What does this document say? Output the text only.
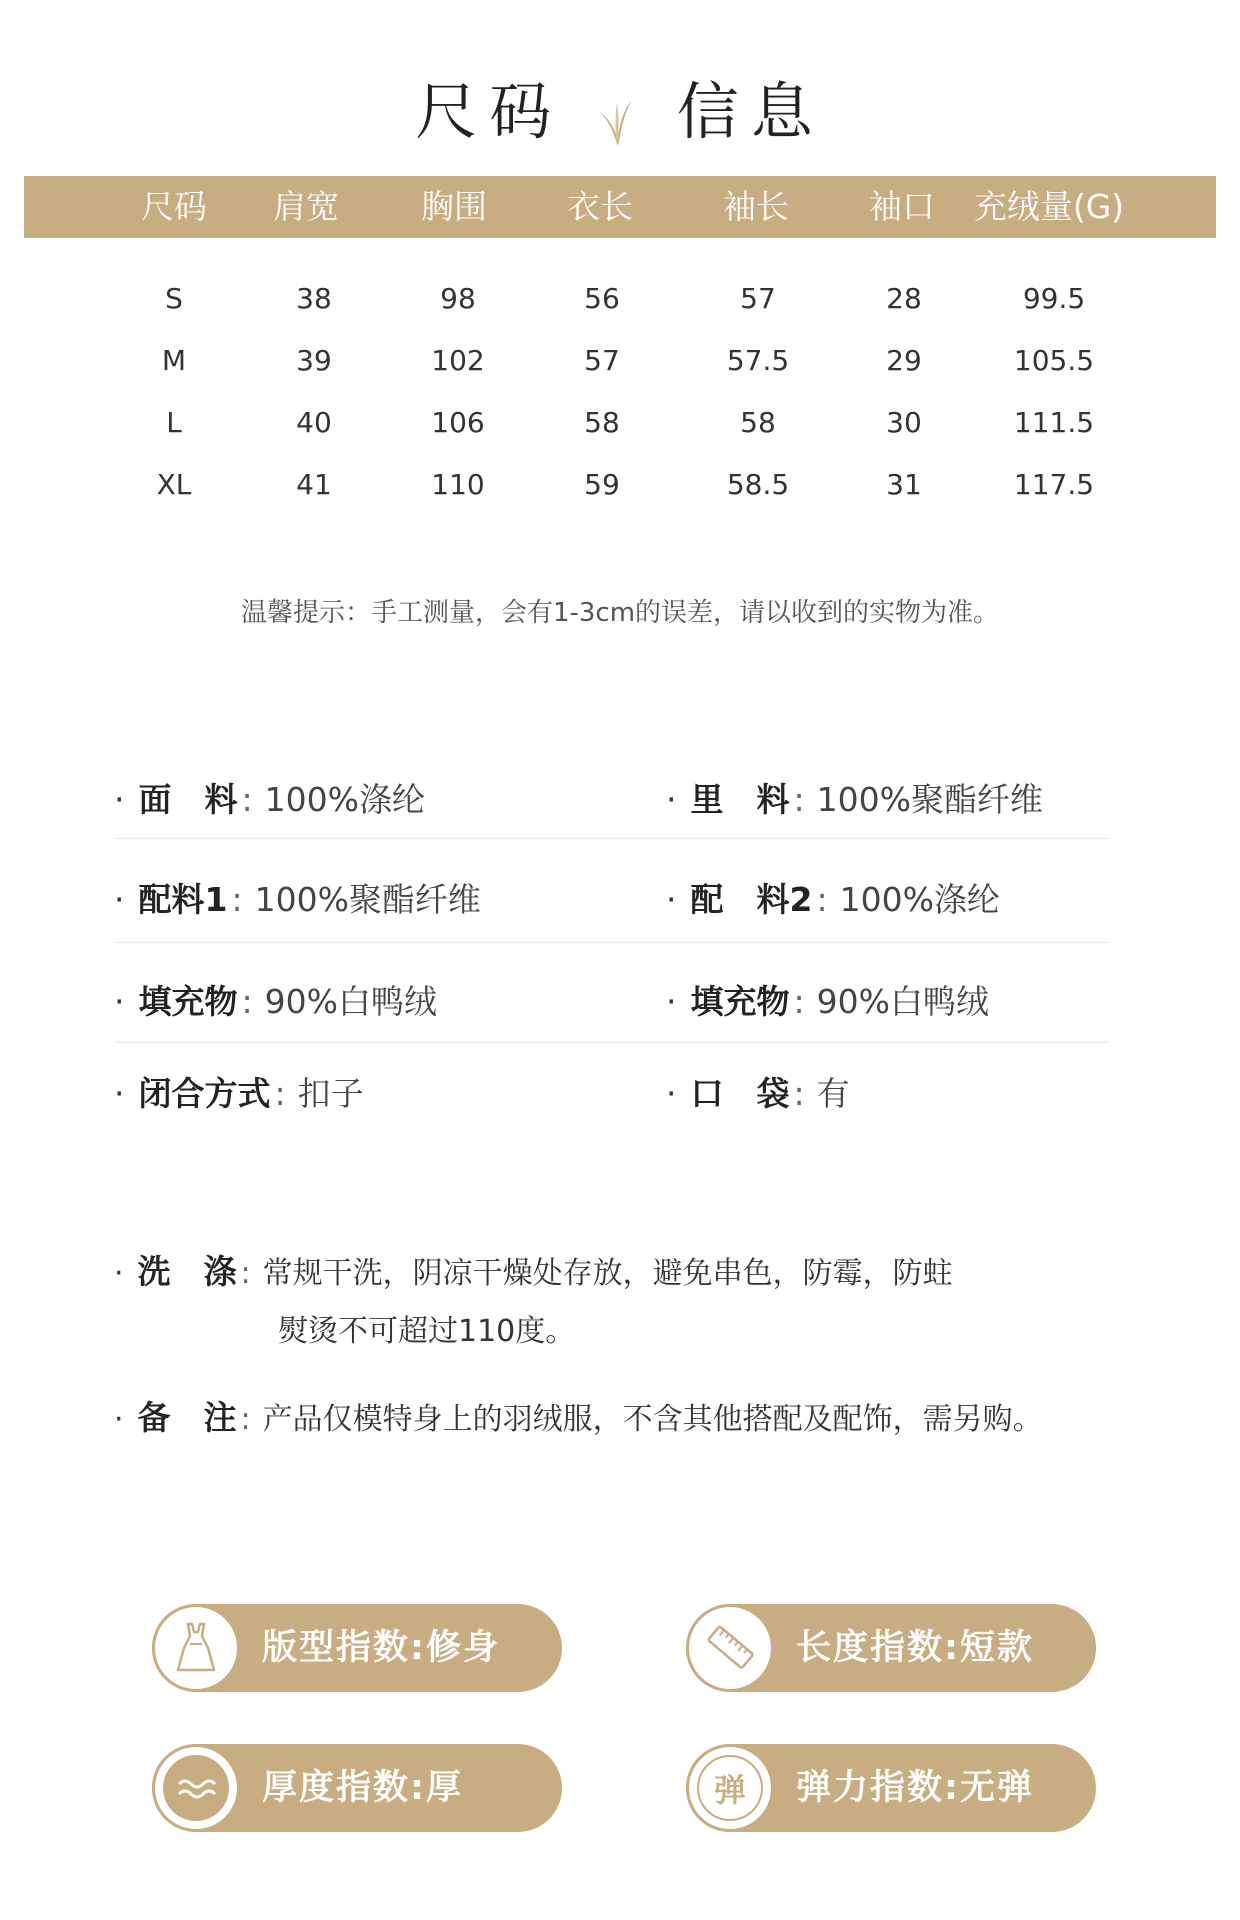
尺码 信息
尺码 肩宽 胸围 衣长	袖长 袖口 充绒量(G)
S	38	98	56	57	28	99.5
M	39	102	57	57.5	29	105.5
L	40	106	58	58	30	111.5
XL	41	110	59	58.5	31	117.5
温馨提示：手工测量，会有1-3cm的误差，请以收到的实物为准。
· 面　料 : 100%涤纶	· 里　料 : 100%聚酯纤维
· 配料1 : 100%聚酯纤维	· 配　料2 : 100%涤纶
· 填充物 : 90%白鸭绒	· 填充物 : 90%白鸭绒
· 闭合方式 : 扣子	· 口　袋 : 有
· 洗　涤 : 常规干洗，阴凉干燥处存放，避免串色，防霉，防蛀
熨烫不可超过110度。
· 备　注 : 产品仅模特身上的羽绒服，不含其他搭配及配饰，需另购。
版型指数:修身	长度指数:短款
厚度指数:厚	弹 弹力指数:无弹
